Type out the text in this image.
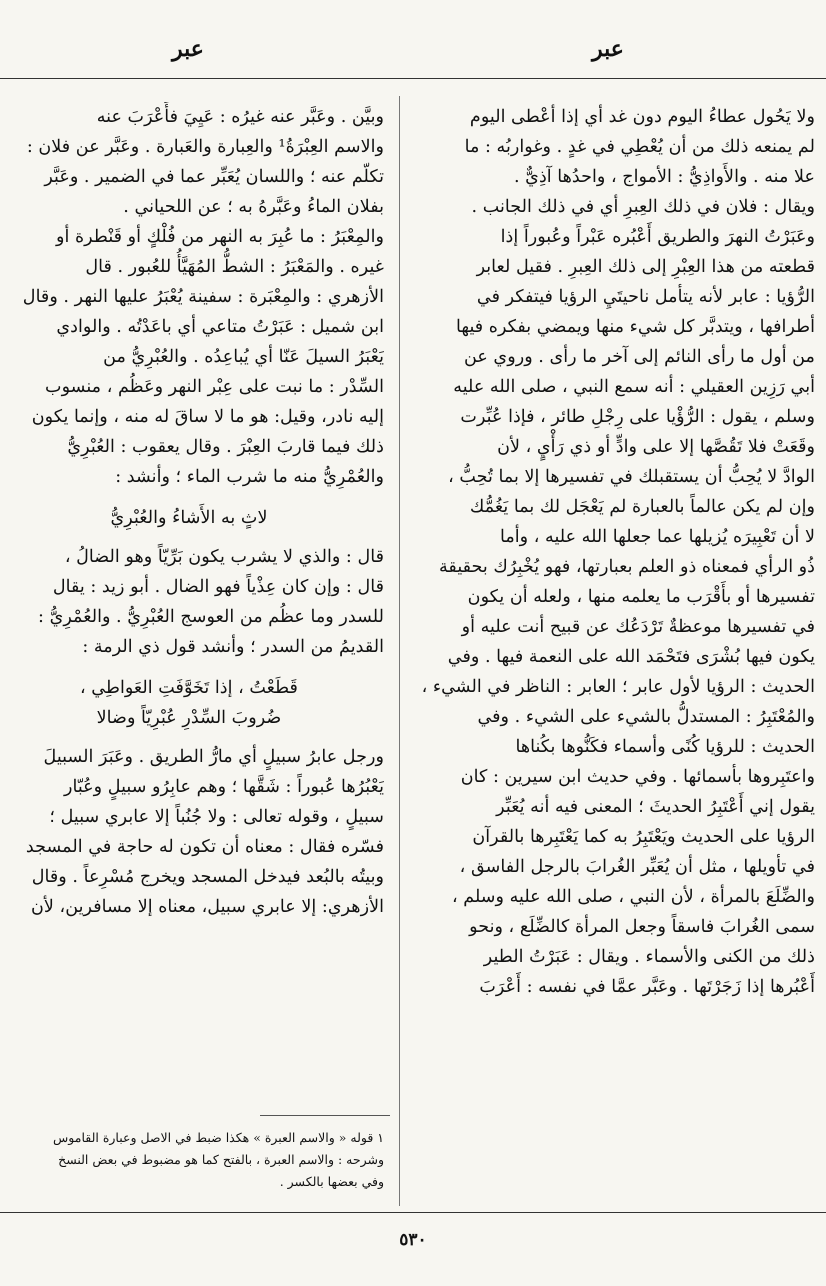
عبر
عبر
ولا يَحُول عطاءُ اليوم دون غد أي إذا أعْطى اليوم
لم يمنعه ذلك من أن يُعْطِي في غدٍ . وغواربُه : ما
علا منه . والأَواذِيُّ : الأمواج ، واحدُها آذِيٌّ .
ويقال : فلان في ذلك العِبرِ أي في ذلك الجانب .
وعَبَرْتُ النهرَ والطريق أَعْبُره عَبْراً وعُبوراً إذا
قطعته من هذا العِبْرِ إلى ذلك العِبرِ . فقيل لعابر
الرُّؤيا : عابر لأنه يتأمل ناحيتَيِ الرؤيا فيتفكر في
أطرافها ، ويتدبَّر كل شيء منها ويمضي بفكره فيها
من أول ما رأى النائم إلى آخر ما رأى . وروي عن
أبي رَزِين العقيلي : أنه سمع النبي ، صلى الله عليه
وسلم ، يقول : الرُّؤْيا على رِجْلِ طائر ، فإذا عُبِّرت
وقَعَتْ فلا تَقُصَّها إلا على وادٍّ أو ذي رَأْيٍ ، لأن
الوادَّ لا يُحِبُّ أن يستقبلك في تفسيرها إلا بما تُحِبُّ ،
وإن لم يكن عالماً بالعبارة لم يَعْجَل لك بما يَغُمُّك
لا أن تَعْبِيرَه يُزيلها عما جعلها الله عليه ، وأما
ذُو الرأي فمعناه ذو العلم بعبارتها، فهو يُخْبِرُك بحقيقة
تفسيرها أو بأَقْرَب ما يعلمه منها ، ولعله أن يكون
في تفسيرها موعظةٌ تَرْدَعُك عن قبيح أنت عليه أو
يكون فيها بُشْرَى فتَحْمَد الله على النعمة فيها . وفي
الحديث : الرؤيا لأول عابر ؛ العابر : الناظر في الشيء ،
والمُعْتَبِرُ : المستدلُّ بالشيء على الشيء . وفي
الحديث : للرؤيا كُنًى وأسماء فكَنُّوها بكُناها
واعتَبِروها بأسمائها . وفي حديث ابن سيرين : كان
يقول إني أَعْتَبِرُ الحديثَ ؛ المعنى فيه أنه يُعَبِّر
الرؤيا على الحديث ويَعْتَبِرُ به كما يَعْتَبِرها بالقرآن
في تأويلها ، مثل أن يُعَبِّر الغُرابَ بالرجل الفاسق ،
والضِّلَعَ بالمرأة ، لأن النبي ، صلى الله عليه وسلم ،
سمى الغُرابَ فاسقاً وجعل المرأة كالضِّلَع ، ونحو
ذلك من الكنى والأسماء . ويقال : عَبَرْتُ الطير
أَعْبُرها إذا زَجَرْتَها . وعَبَّر عمَّا في نفسه : أَعْرَبَ
وبيَّن . وعَبَّر عنه غيرُه : عَيِيَ فأَعْرَبَ عنه
والاسم العِبْرَةُ¹ والعِبارة والعَبارة . وعَبَّر عن فلان :
تكلّم عنه ؛ واللسان يُعَبِّر عما في الضمير . وعَبَّر
بفلان الماءُ وعَبَّرهُ به ؛ عن اللحياني .
والمِعْبَرُ : ما عُبِرَ به النهر من فُلْكٍ أو قَنْطرة أو
غيره . والمَعْبَرُ : الشطُّ المُهَيَّأُ للعُبور . قال
الأزهري : والمِعْبَرة : سفينة يُعْبَرُ عليها النهر . وقال
ابن شميل : عَبَرْتُ متاعي أي باعَدْتُه . والوادي
يَعْبَرُ السيلَ عَنّا أي يُباعِدُه . والعُبْرِيُّ من
السِّدْر : ما نبت على عِبْر النهر وعَظُم ، منسوب
إليه نادر، وقيل: هو ما لا ساقَ له منه ، وإنما يكون
ذلك فيما قاربَ العِبْرَ . وقال يعقوب : العُبْرِيُّ
والعُمْرِيُّ منه ما شرب الماء ؛ وأنشد :
لاثٍ به الأَشاءُ والعُبْرِيُّ
قال : والذي لا يشرب يكون بَرِّيّاً وهو الضالُ ،
قال : وإن كان عِذْياً فهو الضال . أبو زيد : يقال
للسدر وما عظُم من العوسج العُبْرِيُّ . والعُمْرِيُّ :
القديمُ من السدر ؛ وأنشد قول ذي الرمة :
قَطَعْتُ ، إذا تَخَوَّفَتِ العَواطِي ،
ضُروبَ السِّدْرِ عُبْرِيّاً وضالا
ورجل عابرُ سبيلٍ أي مارُّ الطريق . وعَبَرَ السبيلَ
يَعْبُرُها عُبوراً : شَقَّها ؛ وهم عابِرُو سبيلٍ وعُبّار
سبيلٍ ، وقوله تعالى : ولا جُنُباً إلا عابري سبيل ؛
فسّره فقال : معناه أن تكون له حاجة في المسجد
وبيتُه بالبُعد فيدخل المسجد ويخرج مُسْرِعاً . وقال
الأزهري: إلا عابري سبيل، معناه إلا مسافرين، لأن
١ قوله « والاسم العبرة » هكذا ضبط في الاصل وعبارة القاموس
وشرحه : والاسم العبرة ، بالفتح كما هو مضبوط في بعض النسخ
وفي بعضها بالكسر .
٥٣٠
